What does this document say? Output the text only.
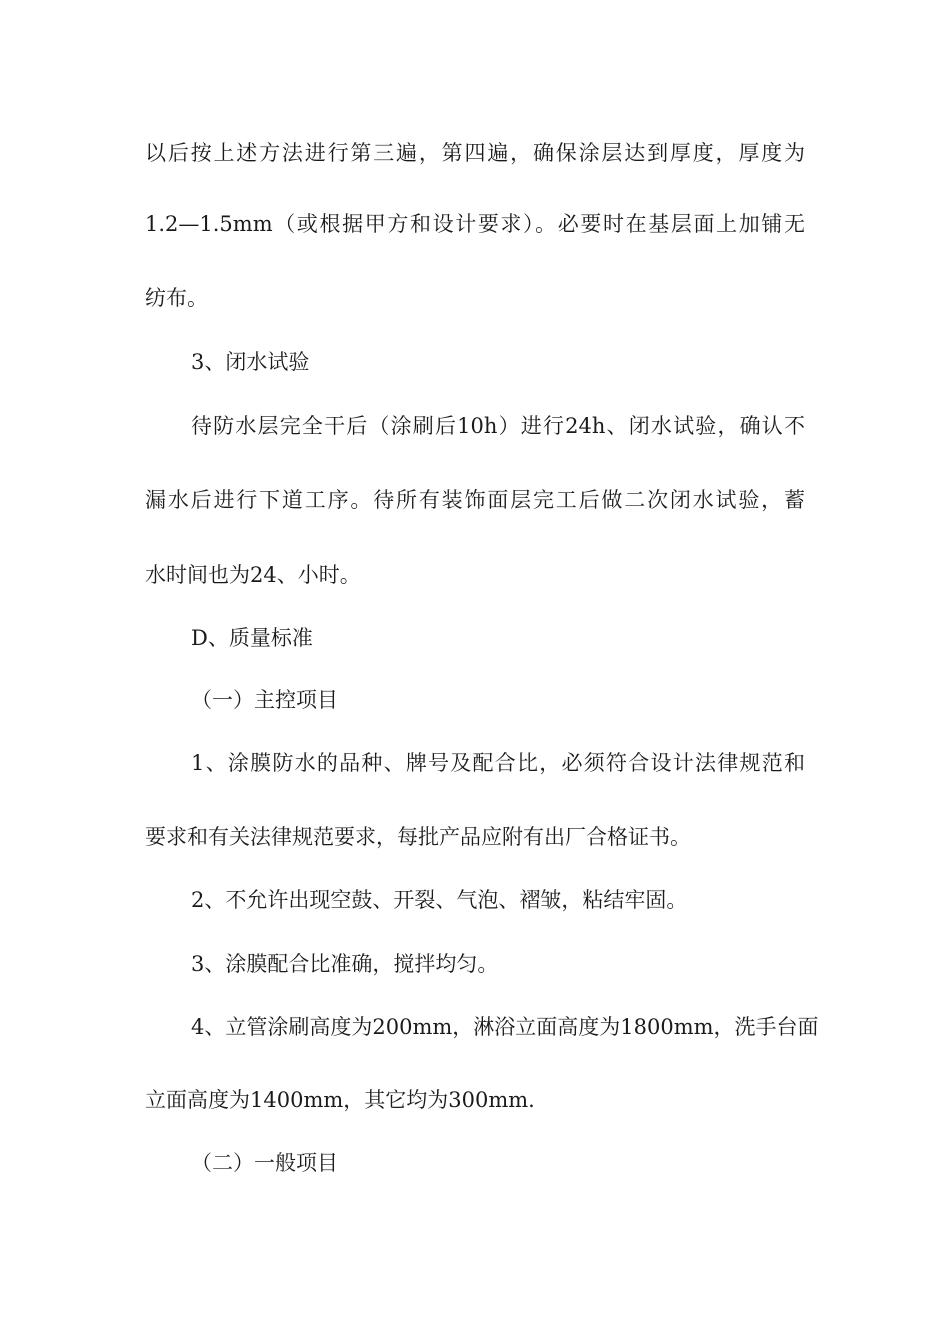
以后按上述方法进行第三遍，第四遍，确保涂层达到厚度，厚度为
1.2—1.5mm（或根据甲方和设计要求）。必要时在基层面上加铺无
纺布。
3、闭水试验
待防水层完全干后（涂刷后10h）进行24h、闭水试验，确认不
漏水后进行下道工序。待所有装饰面层完工后做二次闭水试验，蓄
水时间也为24、小时。
D、质量标准
（一）主控项目
1、涂膜防水的品种、牌号及配合比，必须符合设计法律规范和
要求和有关法律规范要求，每批产品应附有出厂合格证书。
2、不允许出现空鼓、开裂、气泡、褶皱，粘结牢固。
3、涂膜配合比准确，搅拌均匀。
4、立管涂刷高度为200mm，淋浴立面高度为1800mm，洗手台面
立面高度为1400mm，其它均为300mm.
（二）一般项目
